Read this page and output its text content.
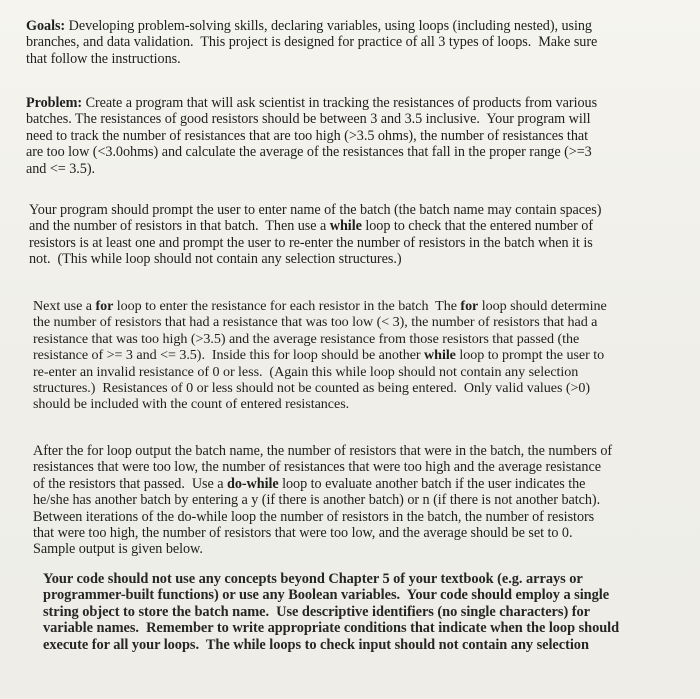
Goals: Developing problem-solving skills, declaring variables, using loops (including nested), using
branches, and data validation.  This project is designed for practice of all 3 types of loops.  Make sure
that follow the instructions.
Problem: Create a program that will ask scientist in tracking the resistances of products from various
batches. The resistances of good resistors should be between 3 and 3.5 inclusive.  Your program will
need to track the number of resistances that are too high (>3.5 ohms), the number of resistances that
are too low (<3.0ohms) and calculate the average of the resistances that fall in the proper range (>=3
and <= 3.5).
Your program should prompt the user to enter name of the batch (the batch name may contain spaces)
and the number of resistors in that batch.  Then use a while loop to check that the entered number of
resistors is at least one and prompt the user to re-enter the number of resistors in the batch when it is
not.  (This while loop should not contain any selection structures.)
Next use a for loop to enter the resistance for each resistor in the batch  The for loop should determine
the number of resistors that had a resistance that was too low (< 3), the number of resistors that had a
resistance that was too high (>3.5) and the average resistance from those resistors that passed (the
resistance of >= 3 and <= 3.5).  Inside this for loop should be another while loop to prompt the user to
re-enter an invalid resistance of 0 or less.  (Again this while loop should not contain any selection
structures.)  Resistances of 0 or less should not be counted as being entered.  Only valid values (>0)
should be included with the count of entered resistances.
After the for loop output the batch name, the number of resistors that were in the batch, the numbers of
resistances that were too low, the number of resistances that were too high and the average resistance
of the resistors that passed.  Use a do-while loop to evaluate another batch if the user indicates the
he/she has another batch by entering a y (if there is another batch) or n (if there is not another batch).
Between iterations of the do-while loop the number of resistors in the batch, the number of resistors
that were too high, the number of resistors that were too low, and the average should be set to 0.
Sample output is given below.
Your code should not use any concepts beyond Chapter 5 of your textbook (e.g. arrays or
programmer-built functions) or use any Boolean variables.  Your code should employ a single
string object to store the batch name.  Use descriptive identifiers (no single characters) for
variable names.  Remember to write appropriate conditions that indicate when the loop should
execute for all your loops.  The while loops to check input should not contain any selection
